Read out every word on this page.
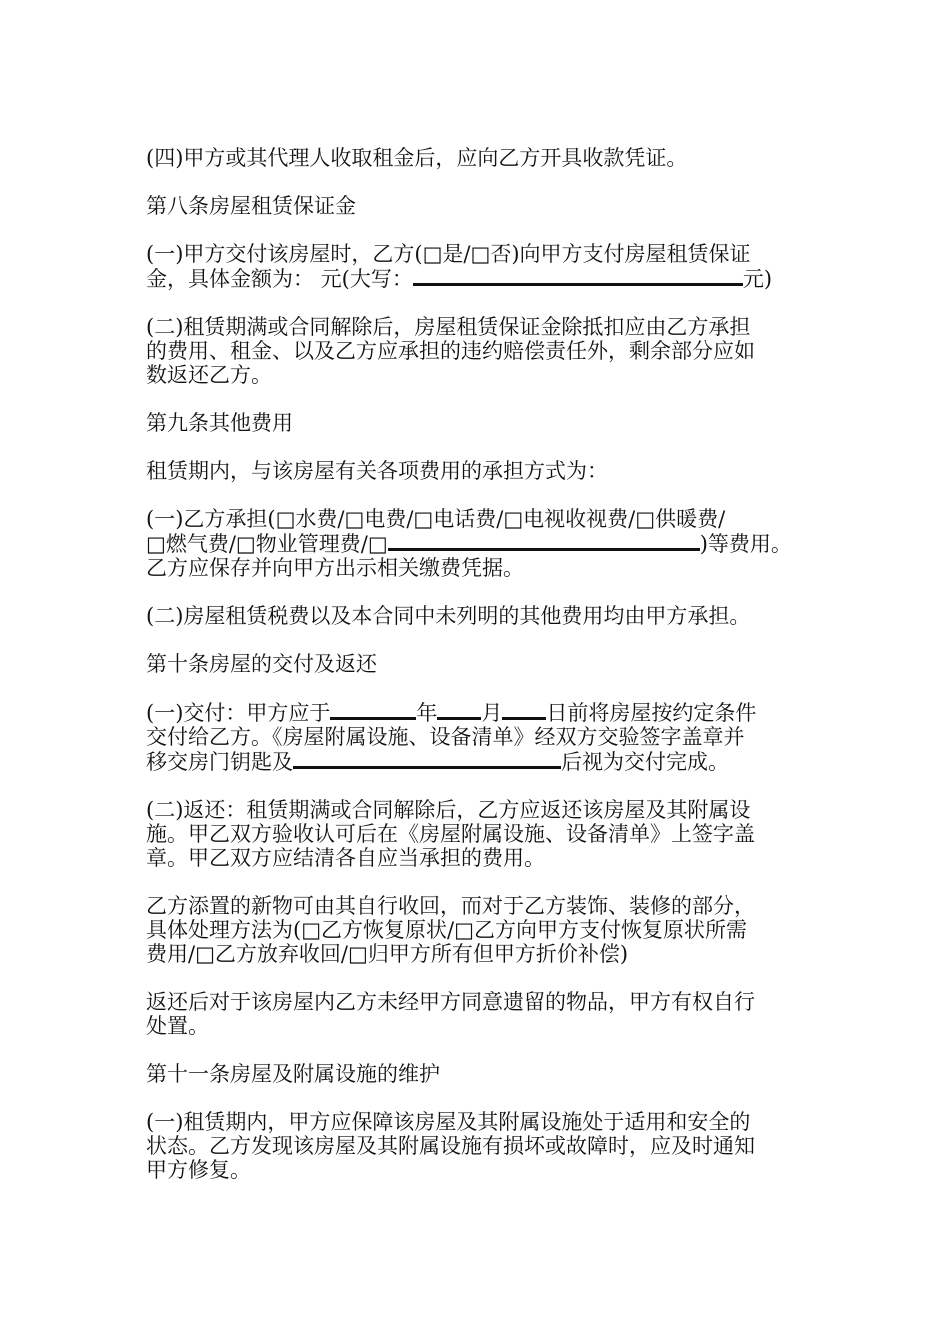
(四)甲方或其代理人收取租金后，应向乙方开具收款凭证。

第八条房屋租赁保证金

(一)甲方交付该房屋时，乙方(□是/□否)向甲方支付房屋租赁保证

金，具体金额为： 元(大写：	元)

(二)租赁期满或合同解除后，房屋租赁保证金除抵扣应由乙方承担

的费用、租金、以及乙方应承担的违约赔偿责任外，剩余部分应如

数返还乙方。

第九条其他费用

租赁期内，与该房屋有关各项费用的承担方式为：

(一)乙方承担(□水费/□电费/□电话费/□电视收视费/□供暖费/

□燃气费/□物业管理费/□	)等费用。

乙方应保存并向甲方出示相关缴费凭据。

(二)房屋租赁税费以及本合同中未列明的其他费用均由甲方承担。

第十条房屋的交付及返还

(一)交付：甲方应于	年 月 日前将房屋按约定条件

交付给乙方。《房屋附属设施、设备清单》经双方交验签字盖章并

移交房门钥匙及	后视为交付完成。

(二)返还：租赁期满或合同解除后，乙方应返还该房屋及其附属设

施。甲乙双方验收认可后在《房屋附属设施、设备清单》上签字盖

章。甲乙双方应结清各自应当承担的费用。

乙方添置的新物可由其自行收回，而对于乙方装饰、装修的部分，

具体处理方法为(□乙方恢复原状/□乙方向甲方支付恢复原状所需

费用/□乙方放弃收回/□归甲方所有但甲方折价补偿)

返还后对于该房屋内乙方未经甲方同意遗留的物品，甲方有权自行

处置。

第十一条房屋及附属设施的维护

(一)租赁期内，甲方应保障该房屋及其附属设施处于适用和安全的

状态。乙方发现该房屋及其附属设施有损坏或故障时，应及时通知

甲方修复。
